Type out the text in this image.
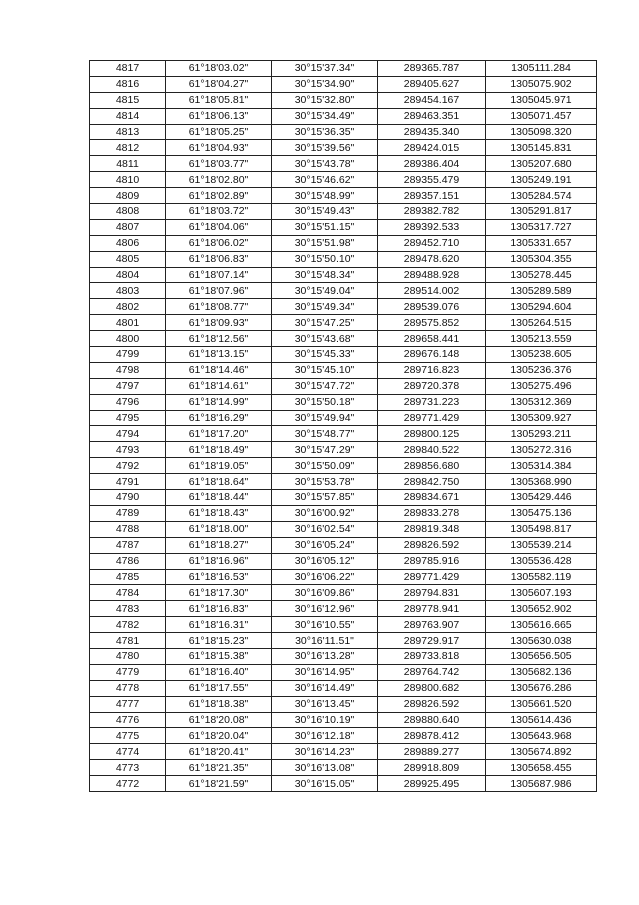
4817	61°18'03.02"	30°15'37.34"	289365.787	1305111.284
4816	61°18'04.27"	30°15'34.90"	289405.627	1305075.902
4815	61°18'05.81"	30°15'32.80"	289454.167	1305045.971
4814	61°18'06.13"	30°15'34.49"	289463.351	1305071.457
4813	61°18'05.25"	30°15'36.35"	289435.340	1305098.320
4812	61°18'04.93"	30°15'39.56"	289424.015	1305145.831
4811	61°18'03.77"	30°15'43.78"	289386.404	1305207.680
4810	61°18'02.80"	30°15'46.62"	289355.479	1305249.191
4809	61°18'02.89"	30°15'48.99"	289357.151	1305284.574
4808	61°18'03.72"	30°15'49.43"	289382.782	1305291.817
4807	61°18'04.06"	30°15'51.15"	289392.533	1305317.727
4806	61°18'06.02"	30°15'51.98"	289452.710	1305331.657
4805	61°18'06.83"	30°15'50.10"	289478.620	1305304.355
4804	61°18'07.14"	30°15'48.34"	289488.928	1305278.445
4803	61°18'07.96"	30°15'49.04"	289514.002	1305289.589
4802	61°18'08.77"	30°15'49.34"	289539.076	1305294.604
4801	61°18'09.93"	30°15'47.25"	289575.852	1305264.515
4800	61°18'12.56"	30°15'43.68"	289658.441	1305213.559
4799	61°18'13.15"	30°15'45.33"	289676.148	1305238.605
4798	61°18'14.46"	30°15'45.10"	289716.823	1305236.376
4797	61°18'14.61"	30°15'47.72"	289720.378	1305275.496
4796	61°18'14.99"	30°15'50.18"	289731.223	1305312.369
4795	61°18'16.29"	30°15'49.94"	289771.429	1305309.927
4794	61°18'17.20"	30°15'48.77"	289800.125	1305293.211
4793	61°18'18.49"	30°15'47.29"	289840.522	1305272.316
4792	61°18'19.05"	30°15'50.09"	289856.680	1305314.384
4791	61°18'18.64"	30°15'53.78"	289842.750	1305368.990
4790	61°18'18.44"	30°15'57.85"	289834.671	1305429.446
4789	61°18'18.43"	30°16'00.92"	289833.278	1305475.136
4788	61°18'18.00"	30°16'02.54"	289819.348	1305498.817
4787	61°18'18.27"	30°16'05.24"	289826.592	1305539.214
4786	61°18'16.96"	30°16'05.12"	289785.916	1305536.428
4785	61°18'16.53"	30°16'06.22"	289771.429	1305582.119
4784	61°18'17.30"	30°16'09.86"	289794.831	1305607.193
4783	61°18'16.83"	30°16'12.96"	289778.941	1305652.902
4782	61°18'16.31"	30°16'10.55"	289763.907	1305616.665
4781	61°18'15.23"	30°16'11.51"	289729.917	1305630.038
4780	61°18'15.38"	30°16'13.28"	289733.818	1305656.505
4779	61°18'16.40"	30°16'14.95"	289764.742	1305682.136
4778	61°18'17.55"	30°16'14.49"	289800.682	1305676.286
4777	61°18'18.38"	30°16'13.45"	289826.592	1305661.520
4776	61°18'20.08"	30°16'10.19"	289880.640	1305614.436
4775	61°18'20.04"	30°16'12.18"	289878.412	1305643.968
4774	61°18'20.41"	30°16'14.23"	289889.277	1305674.892
4773	61°18'21.35"	30°16'13.08"	289918.809	1305658.455
4772	61°18'21.59"	30°16'15.05"	289925.495	1305687.986
